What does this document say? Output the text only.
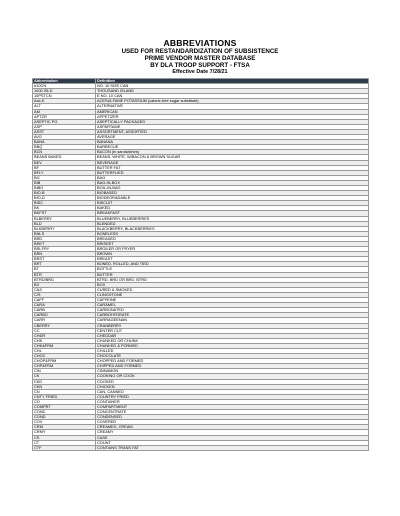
ABBREVIATIONS
USED FOR RESTANDARDIZATION OF SUBSISTENCE
PRIME VENDOR MASTER DATABASE
BY DLA TROOP SUPPORT - FTSA
Effective Date 7/28/21
Abbreviation	Definition
#10CN	NO. 10 SIZE CAN
1000 ISLD	THOUSAND ISLAND
10PSTCN	E NO. 10 CAN
Ace-K	ACESULFAME POTASSIUM (calorie-free sugar substitute)
ALT	ALTERNATIVE
AM	AMERICAN
APTZR	APPETIZER
ASEPTIC PG	ASEPTICALLY PACKAGED
ASP	ASPARTAME
ASST	ASSORTMENT, ASSORTED
AVG	AVERAGE
BANA	BANANA
BBQ	BARBECUE
BCN	BACON (in sandwiches)
BEANS BAKED	BEANS, WHITE, W/BACON & BROWN SUGAR
BEV	BEVERAGE
BF	BUTTER FAT
BFLY	BUTTERFLIED
BG	BAG
BIB	BAG-IN-BOX
BIBG	BOIL-IN-BAG
BIO-B	BIOBASED
BIO-D	BIODEGRADABLE
BISC	BISCUIT
BK	BAKED
BKFST	BREAKFAST
BLBERRY	BLUEBERRY, BLUEBERRIES
BLD	BLENDED
BLKBERRY	BLACKBERRY, BLACKBERRIES
BNLS	BONELESS
BRD	BREADED
BRKT	BRISKET
BRLFRY	BROILER OR FRYER
BRN	BROWN
BRST	BREAST
BRT	BONED, ROLLED, AND TIED
BT	BOTTLE
BTR	BUTTER
BTRD/BRD	BTRD, BRD OR BRD, BTRD
BX	BOX
C&S	CURED & SMOKED
C/S	CLINGSTONE
CAFF	CAFFEINE
CARA	CARAMEL
CARB	CARBONATED
CARBO	CARBOHYDRATE
CARR	CARRAGEENAN
CBERRY	CRANBERRY
CC	CENTER CUT
CHDR	CHEDDAR
CHK	CHUNKED OR CHUNK
CHK&FRM	CHUNKED & FORMED
CHL	CHILLED
CHOC	CHOCOLATE
CHOP&FRM	CHOPPED AND FORMED
CHP&FRM	CHIPPED AND FORMED
CIN	CINNAMON
CK	COOKING OR COOK
CKD	COOKED
CKN	CHICKEN
CN	CAN, CANNED
CNTY FRIED	COUNTRY FRIED
CO	CONTAINER
COMPRT	COMPARTMENT
CONC	CONCENTRATE
COND	CONDENSED
COV	COVERED
CRM	CREAMED, CREAM
CRMY	CREAMY
CS	CASE
CT	COUNT
CTF	CONTAINS TRANS FAT
